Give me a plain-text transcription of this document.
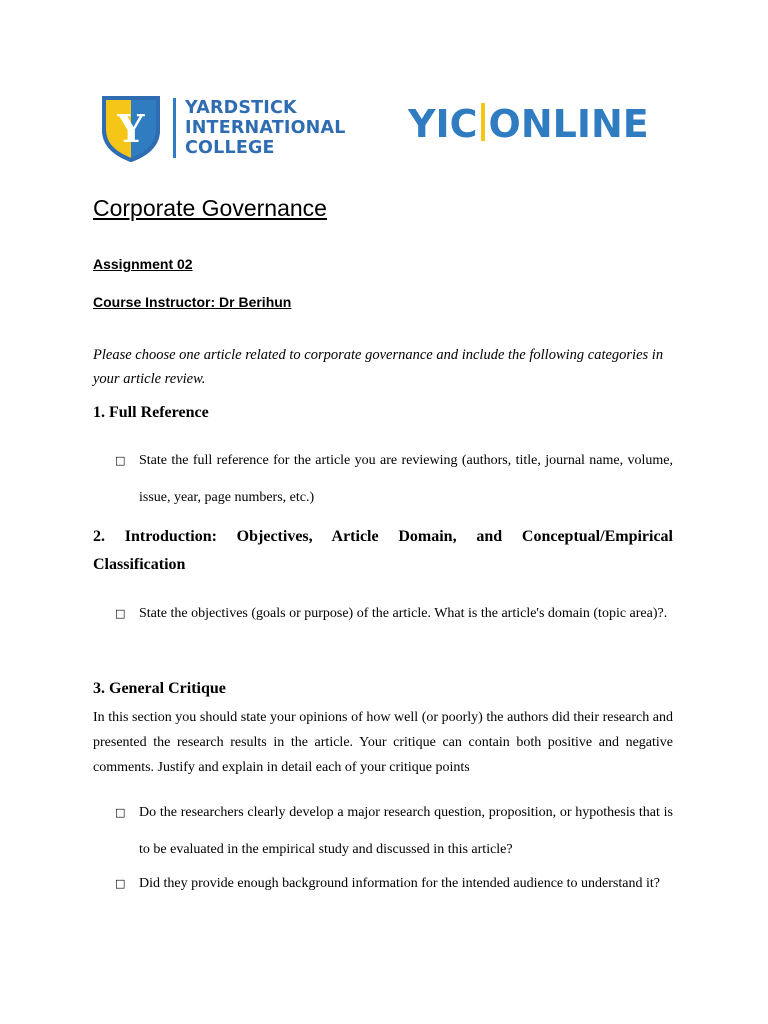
Y YARDSTICK
INTERNATIONAL
COLLEGE
YIC ONLINE
Corporate Governance
Assignment 02
Course Instructor: Dr Berihun
Please choose one article related to corporate governance and include the following categories in your article review.
1. Full Reference
□ State the full reference for the article you are reviewing (authors, title, journal name, volume, issue, year, page numbers, etc.)
2. Introduction: Objectives, Article Domain, and Conceptual/Empirical Classification
□ State the objectives (goals or purpose) of the article. What is the article's domain (topic area)?.
3. General Critique
In this section you should state your opinions of how well (or poorly) the authors did their research and presented the research results in the article. Your critique can contain both positive and negative comments. Justify and explain in detail each of your critique points
□ Do the researchers clearly develop a major research question, proposition, or hypothesis that is to be evaluated in the empirical study and discussed in this article?
□ Did they provide enough background information for the intended audience to understand it?
